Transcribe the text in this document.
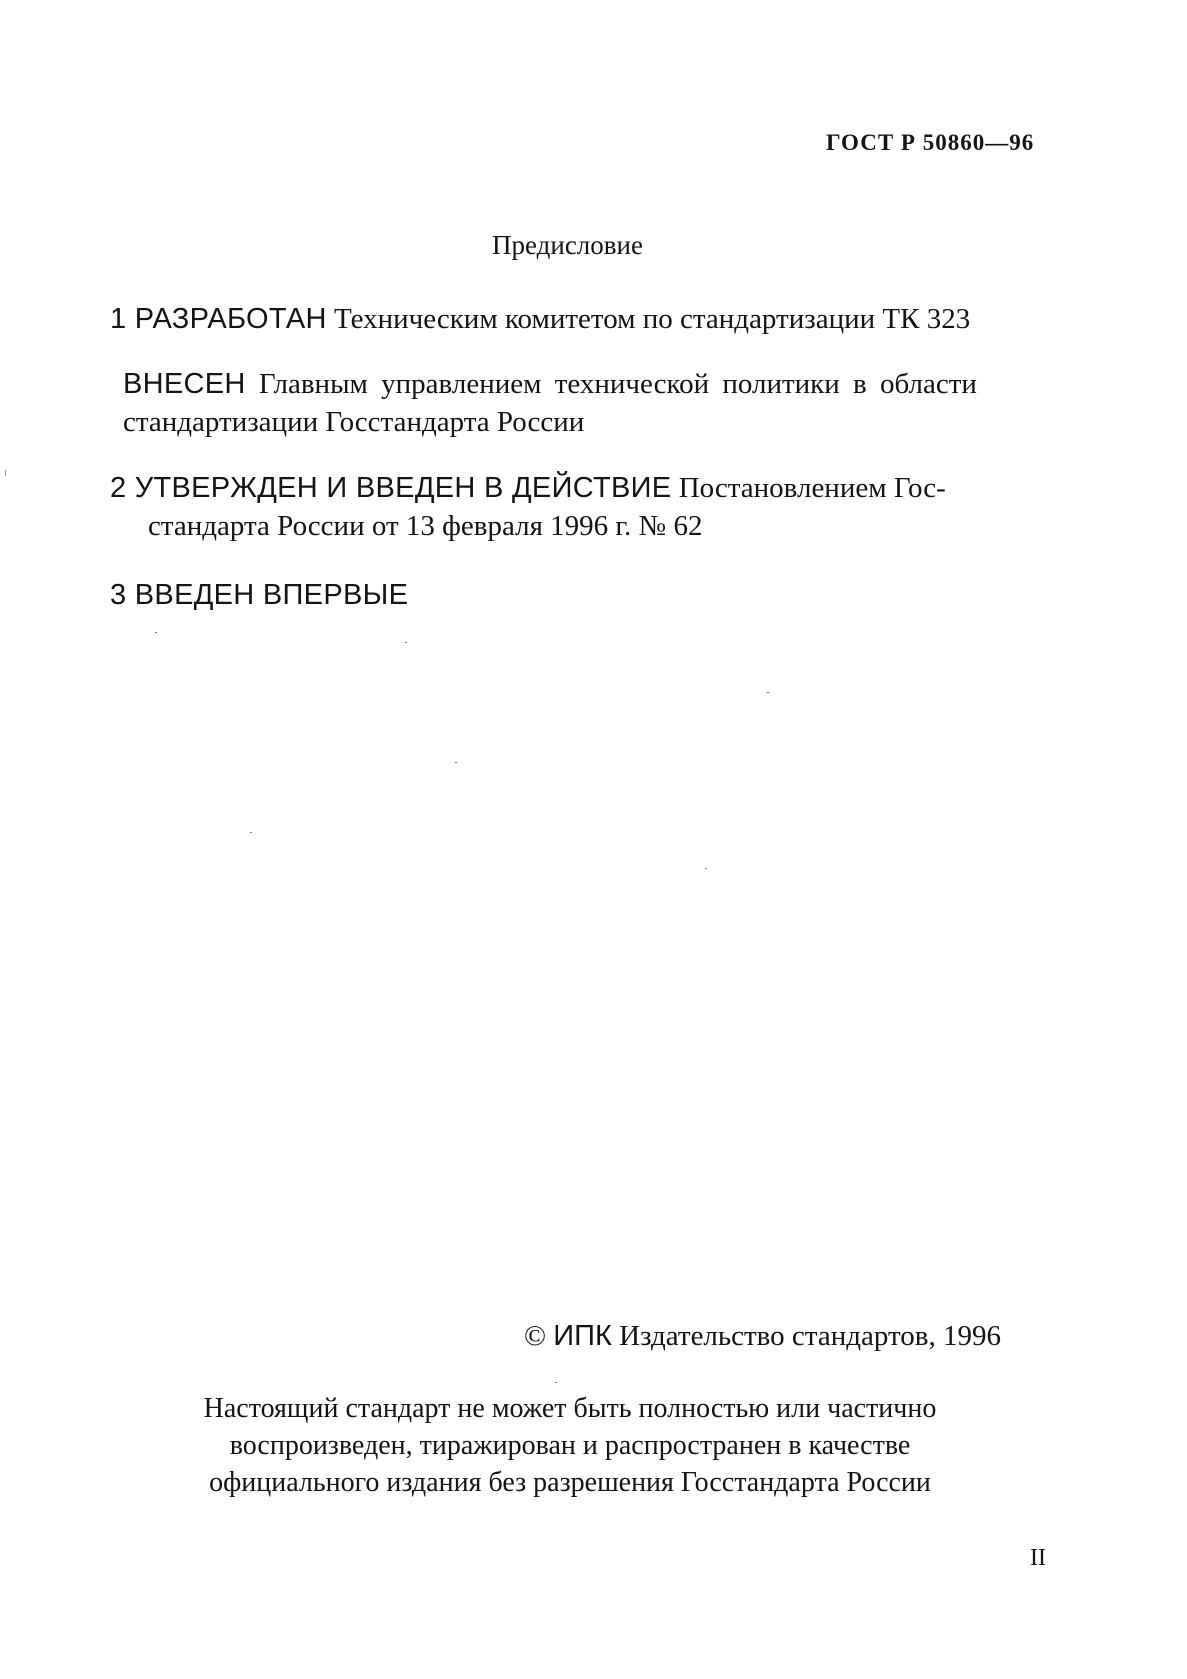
ГОСТ Р 50860—96
Предисловие
1 РАЗРАБОТАН Техническим комитетом по стандартизации ТК 323
ВНЕСЕН Главным управлением технической политики в области
стандартизации Госстандарта России
2 УТВЕРЖДЕН И ВВЕДЕН В ДЕЙСТВИЕ Постановлением Гос-
стандарта России от 13 февраля 1996 г. № 62
3 ВВЕДЕН ВПЕРВЫЕ
© ИПК Издательство стандартов, 1996
Настоящий стандарт не может быть полностью или частично
воспроизведен, тиражирован и распространен в качестве
официального издания без разрешения Госстандарта России
II
